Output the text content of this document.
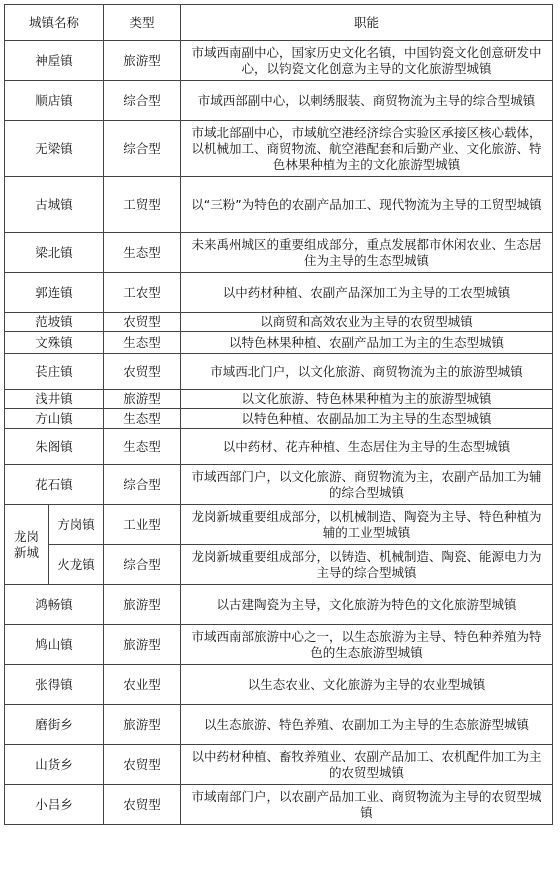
城镇名称		类型	职能
神垕镇		旅游型	市域西南副中心，国家历史文化名镇，中国钧瓷文化创意研发中心，以钧瓷文化创意为主导的文化旅游型城镇
顺店镇		综合型	市域西部副中心，以刺绣服装、商贸物流为主导的综合型城镇
无梁镇		综合型	市域北部副中心，市域航空港经济综合实验区承接区核心载体，以机械加工、商贸物流、航空港配套和后勤产业、文化旅游、特色林果种植为主的文化旅游型城镇
古城镇		工贸型	以“三粉”为特色的农副产品加工、现代物流为主导的工贸型城镇
梁北镇		生态型	未来禹州城区的重要组成部分，重点发展都市休闲农业、生态居住为主导的生态型城镇
郭连镇		工农型	以中药材种植、农副产品深加工为主导的工农型城镇
范坡镇		农贸型	以商贸和高效农业为主导的农贸型城镇
文殊镇		生态型	以特色林果种植、农副产品加工为主的生态型城镇
苌庄镇		农贸型	市域西北门户，以文化旅游、商贸物流为主的旅游型城镇
浅井镇		旅游型	以文化旅游、特色林果种植为主的旅游型城镇
方山镇		生态型	以特色种植、农副品加工为主导的生态型城镇
朱阁镇		生态型	以中药材、花卉种植、生态居住为主导的生态型城镇
花石镇		综合型	市域西部门户，以文化旅游、商贸物流为主，农副产品加工为辅的综合型城镇
龙岗新城	方岗镇	工业型	龙岗新城重要组成部分，以机械制造、陶瓷为主导、特色种植为辅的工业型城镇
	火龙镇	综合型	龙岗新城重要组成部分，以铸造、机械制造、陶瓷、能源电力为主导的综合型城镇
鸿畅镇		旅游型	以古建陶瓷为主导，文化旅游为特色的文化旅游型城镇
鸠山镇		旅游型	市域西南部旅游中心之一，以生态旅游为主导、特色种养殖为特色的生态旅游型城镇
张得镇		农业型	以生态农业、文化旅游为主导的农业型城镇
磨街乡		旅游型	以生态旅游、特色养殖、农副加工为主导的生态旅游型城镇
山货乡		农贸型	以中药材种植、畜牧养殖业、农副产品加工、农机配件加工为主的农贸型城镇
小吕乡		农贸型	市域南部门户，以农副产品加工业、商贸物流为主导的农贸型城镇
